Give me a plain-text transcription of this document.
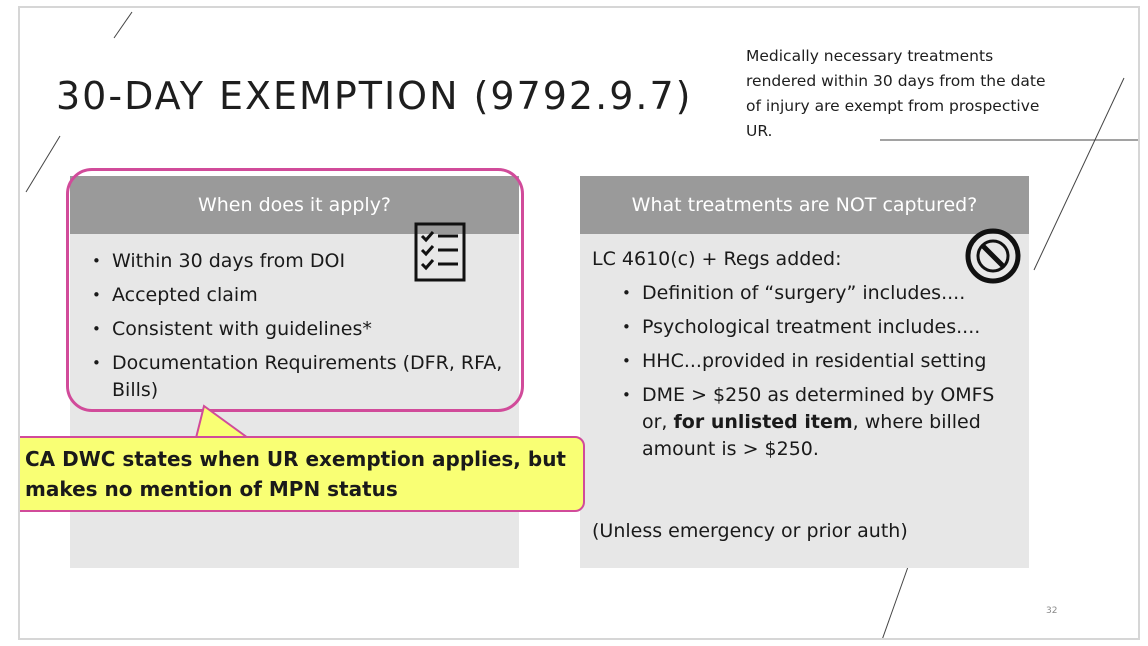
30-DAY EXEMPTION (9792.9.7)
Medically necessary treatments rendered within 30 days from the date of injury are exempt from prospective UR.
When does it apply?
• Within 30 days from DOI
• Accepted claim
• Consistent with guidelines*
• Documentation Requirements (DFR, RFA, Bills)
What treatments are NOT captured?
LC 4610(c) + Regs added:
• Definition of “surgery” includes....
• Psychological treatment includes....
• HHC...provided in residential setting
• DME > $250 as determined by OMFS or, for unlisted item, where billed amount is > $250.
(Unless emergency or prior auth)
CA DWC states when UR exemption applies, but makes no mention of MPN status
32
